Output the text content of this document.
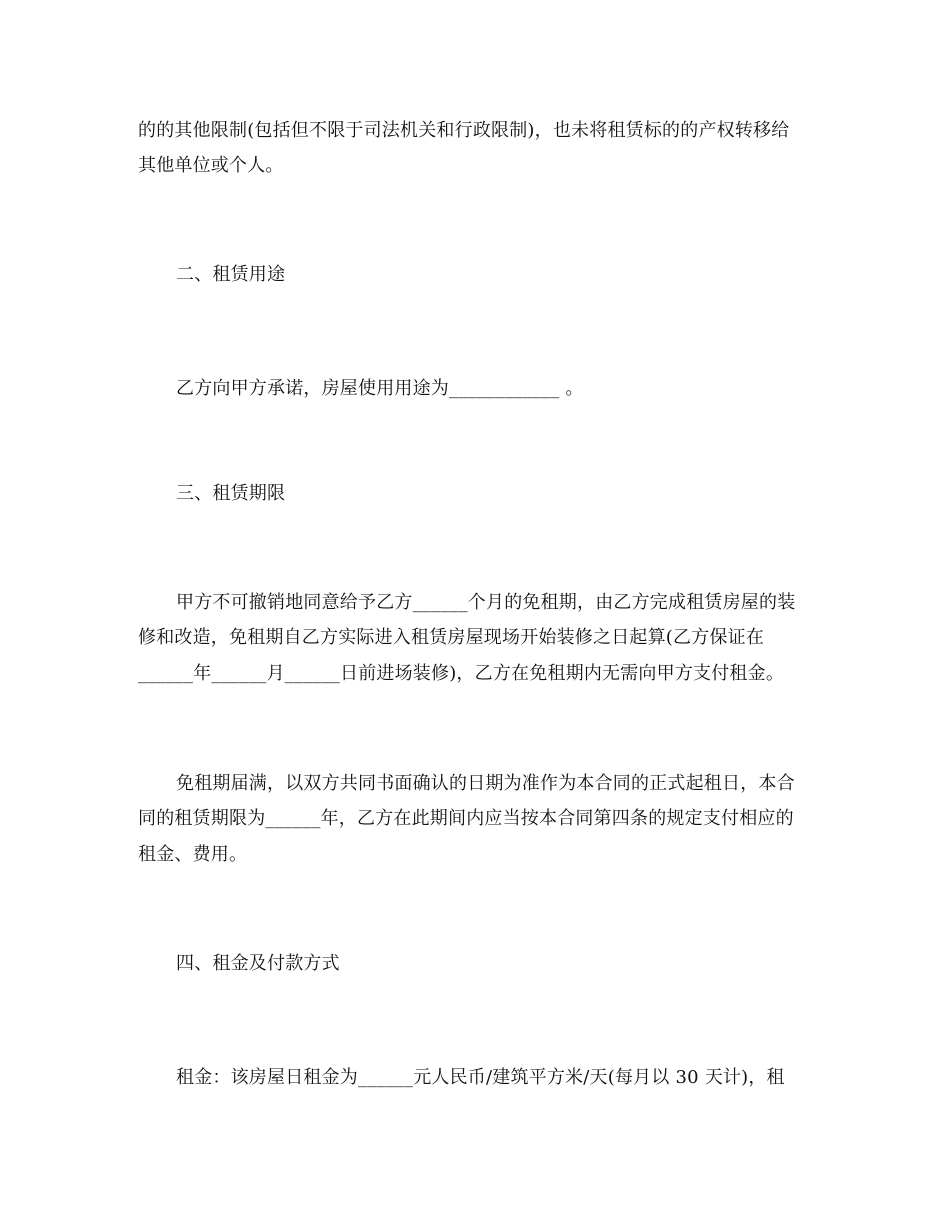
的的其他限制(包括但不限于司法机关和行政限制)，也未将租赁标的的产权转移给
其他单位或个人。
二、租赁用途
乙方向甲方承诺，房屋使用用途为____________ 。
三、租赁期限
甲方不可撤销地同意给予乙方______个月的免租期，由乙方完成租赁房屋的装
修和改造，免租期自乙方实际进入租赁房屋现场开始装修之日起算(乙方保证在
______年______月______日前进场装修)，乙方在免租期内无需向甲方支付租金。
免租期届满，以双方共同书面确认的日期为准作为本合同的正式起租日，本合
同的租赁期限为______年，乙方在此期间内应当按本合同第四条的规定支付相应的
租金、费用。
四、租金及付款方式
租金：该房屋日租金为______元人民币/建筑平方米/天(每月以 30 天计)，租
